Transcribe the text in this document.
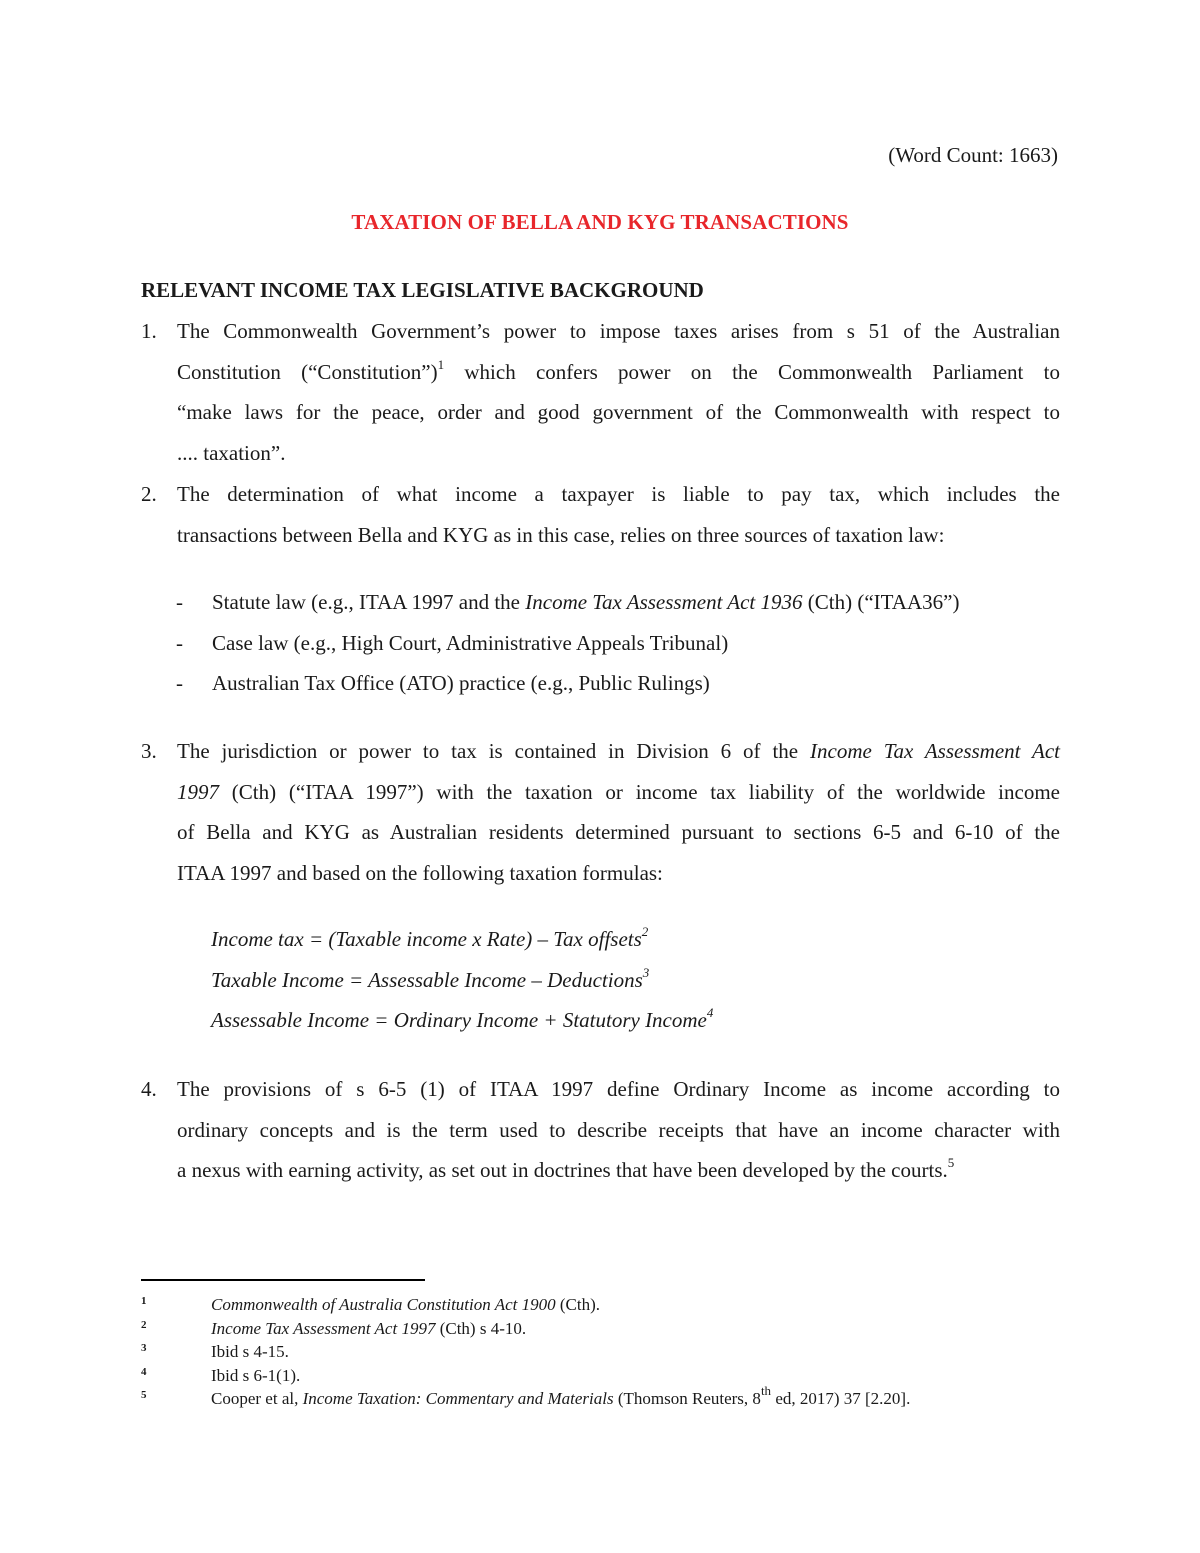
(Word Count: 1663)
TAXATION OF BELLA AND KYG TRANSACTIONS
RELEVANT INCOME TAX LEGISLATIVE BACKGROUND
1. The Commonwealth Government’s power to impose taxes arises from s 51 of the Australian
Constitution (“Constitution”)$^1$ which confers power on the Commonwealth Parliament to
“make laws for the peace, order and good government of the Commonwealth with respect to
.... taxation”.
2. The determination of what income a taxpayer is liable to pay tax, which includes the
transactions between Bella and KYG as in this case, relies on three sources of taxation law:
- Statute law (e.g., ITAA 1997 and the Income Tax Assessment Act 1936 (Cth) (“ITAA36”)
- Case law (e.g., High Court, Administrative Appeals Tribunal)
- Australian Tax Office (ATO) practice (e.g., Public Rulings)
3. The jurisdiction or power to tax is contained in Division 6 of the Income Tax Assessment Act
1997 (Cth) (“ITAA 1997”) with the taxation or income tax liability of the worldwide income
of Bella and KYG as Australian residents determined pursuant to sections 6-5 and 6-10 of the
ITAA 1997 and based on the following taxation formulas:
Income tax = (Taxable income x Rate) – Tax offsets$^2$
Taxable Income = Assessable Income – Deductions$^3$
Assessable Income = Ordinary Income + Statutory Income$^4$
4. The provisions of s 6-5 (1) of ITAA 1997 define Ordinary Income as income according to
ordinary concepts and is the term used to describe receipts that have an income character with
a nexus with earning activity, as set out in doctrines that have been developed by the courts.$^5$
1	Commonwealth of Australia Constitution Act 1900 (Cth).
2	Income Tax Assessment Act 1997 (Cth) s 4-10.
3	Ibid s 4-15.
4	Ibid s 6-1(1).
5	Cooper et al, Income Taxation: Commentary and Materials (Thomson Reuters, 8th ed, 2017) 37 [2.20].
